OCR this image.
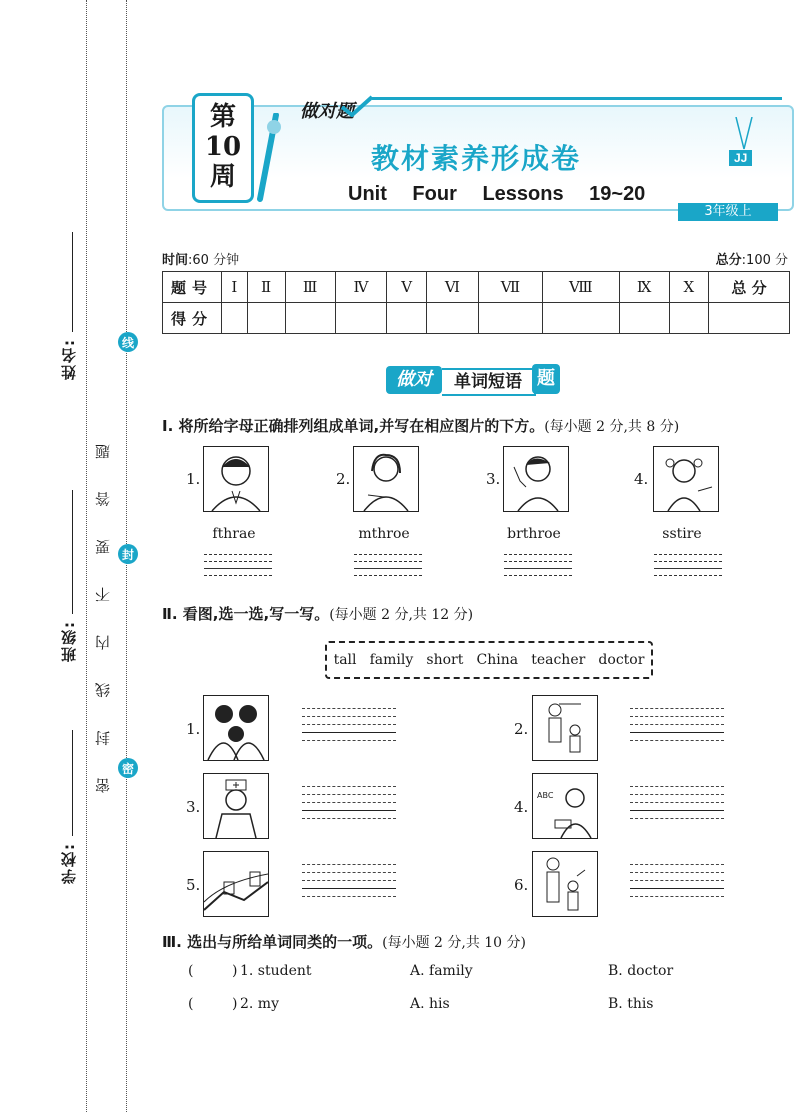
姓名:
班级:
学校:
线
封
密
密 封 线 内 不 要 答 题
第
10
周
做对题
教材素养形成卷
Unit Four Lessons 19~20
JJ
3年级上
时间:60 分钟	总分:100 分
题号	Ⅰ	Ⅱ	Ⅲ	Ⅳ	Ⅴ	Ⅵ	Ⅶ	Ⅷ	Ⅸ	Ⅹ	总 分
得分											
做对	单词短语 题
Ⅰ. 将所给字母正确排列组成单词,并写在相应图片的下方。(每小题 2 分,共 8 分)
1.
fthrae
2.
mthroe
3.
brthroe
4.
sstire
Ⅱ. 看图,选一选,写一写。(每小题 2 分,共 12 分)
tall family short China teacher doctor
1.	2.
3.	4.
ABC
5.	6.
Ⅲ. 选出与所给单词同类的一项。(每小题 2 分,共 10 分)
(	) 1. student	A. family	B. doctor
(	) 2. my	A. his	B. this
